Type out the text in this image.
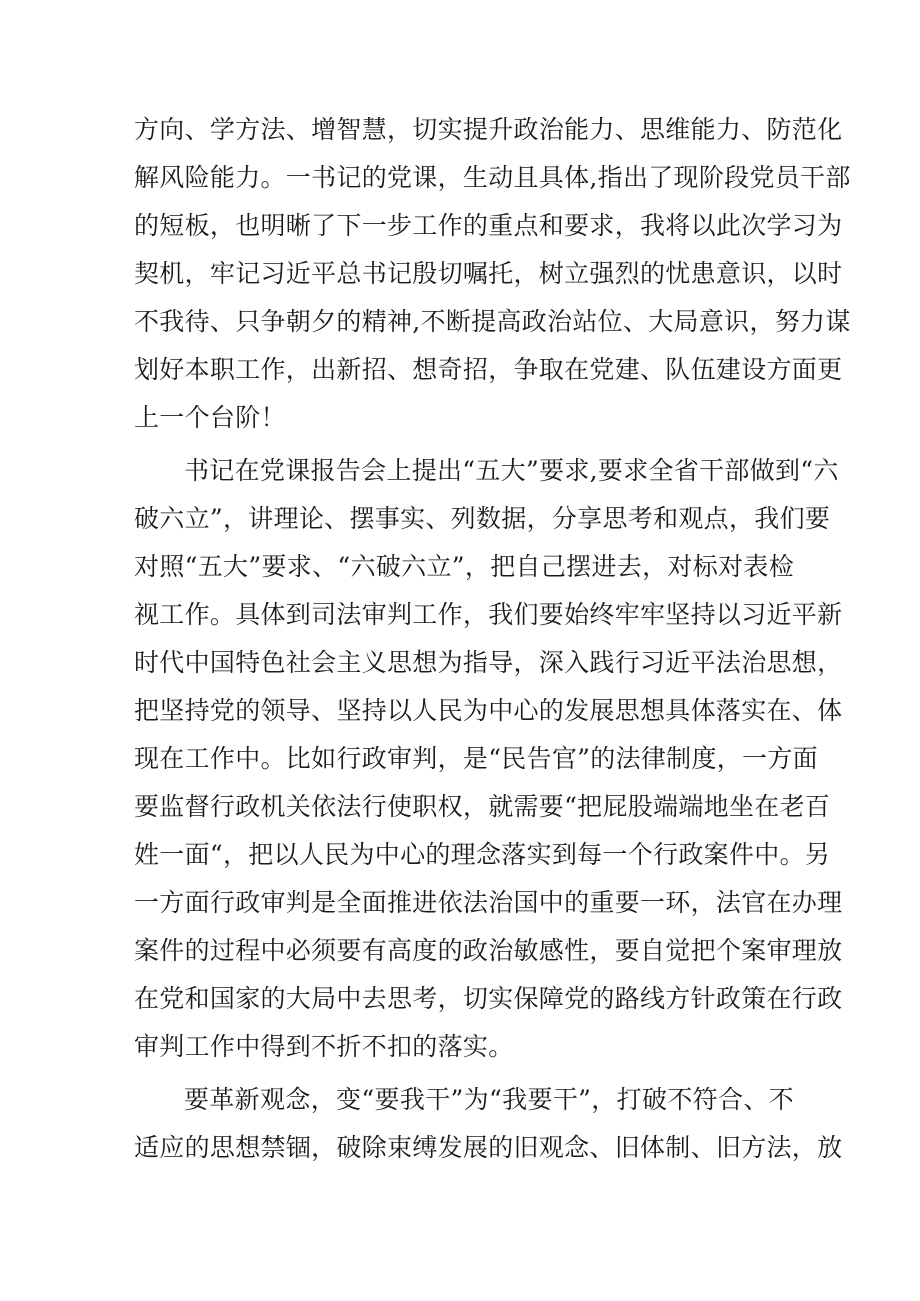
方向、学方法、增智慧，切实提升政治能力、思维能力、防范化
解风险能力。一书记的党课，生动且具体,指出了现阶段党员干部
的短板，也明晰了下一步工作的重点和要求，我将以此次学习为
契机，牢记习近平总书记殷切嘱托，树立强烈的忧患意识，以时
不我待、只争朝夕的精神,不断提高政治站位、大局意识，努力谋
划好本职工作，出新招、想奇招，争取在党建、队伍建设方面更
上一个台阶！
书记在党课报告会上提出“五大”要求,要求全省干部做到“六
破六立”，讲理论、摆事实、列数据，分享思考和观点，我们要
对照“五大”要求、“六破六立”，把自己摆进去，对标对表检
视工作。具体到司法审判工作，我们要始终牢牢坚持以习近平新
时代中国特色社会主义思想为指导，深入践行习近平法治思想，
把坚持党的领导、坚持以人民为中心的发展思想具体落实在、体
现在工作中。比如行政审判，是“民告官”的法律制度，一方面
要监督行政机关依法行使职权，就需要“把屁股端端地坐在老百
姓一面“，把以人民为中心的理念落实到每一个行政案件中。另
一方面行政审判是全面推进依法治国中的重要一环，法官在办理
案件的过程中必须要有高度的政治敏感性，要自觉把个案审理放
在党和国家的大局中去思考，切实保障党的路线方针政策在行政
审判工作中得到不折不扣的落实。
要革新观念，变“要我干”为“我要干”，打破不符合、不
适应的思想禁锢，破除束缚发展的旧观念、旧体制、旧方法，放
